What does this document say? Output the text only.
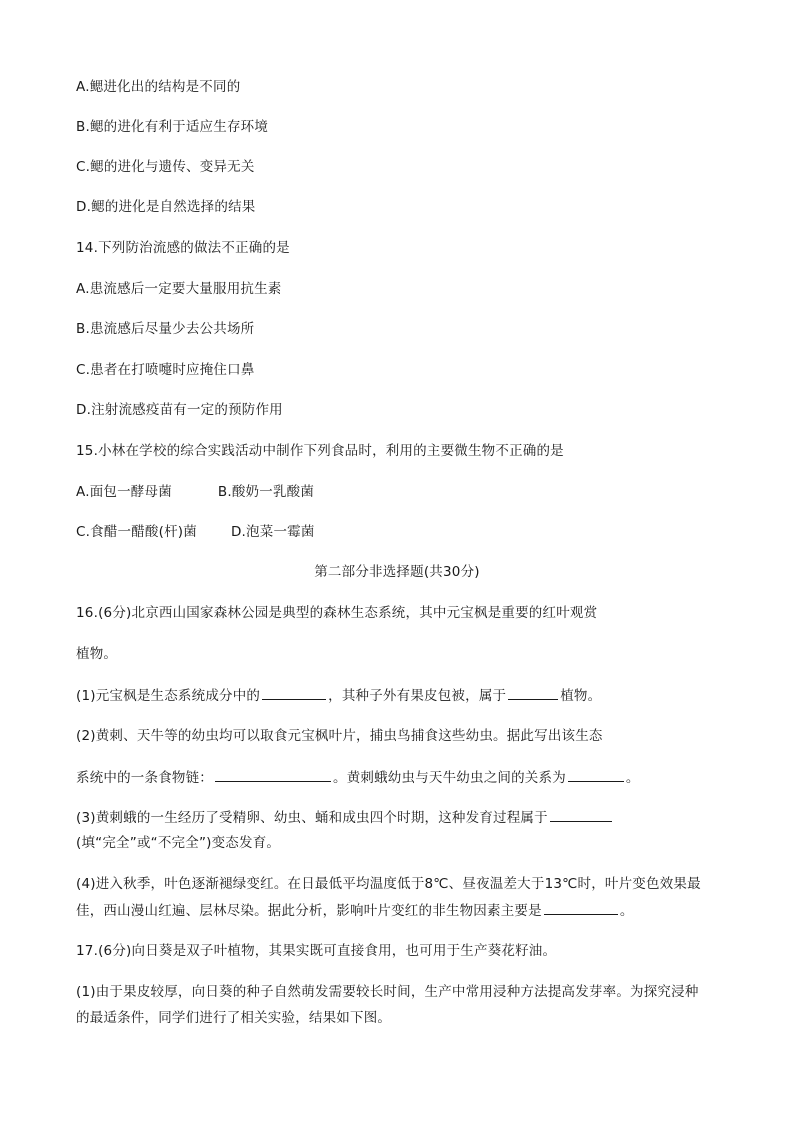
A.鳃进化出的结构是不同的
B.鳃的进化有利于适应生存环境
C.鳃的进化与遗传、变异无关
D.鳃的进化是自然选择的结果
14.下列防治流感的做法不正确的是
A.患流感后一定要大量服用抗生素
B.患流感后尽量少去公共场所
C.患者在打喷嚏时应掩住口鼻
D.注射流感疫苗有一定的预防作用
15.小林在学校的综合实践活动中制作下列食品时，利用的主要微生物不正确的是
A.面包一酵母菌	B.酸奶一乳酸菌
C.食醋一醋酸(杆)菌	D.泡菜一霉菌
第二部分非选择题(共30分)
16.(6分)北京西山国家森林公园是典型的森林生态系统，其中元宝枫是重要的红叶观赏
植物。
(1)元宝枫是生态系统成分中的	，其种子外有果皮包被，属于	植物。
(2)黄刺、天牛等的幼虫均可以取食元宝枫叶片，捕虫鸟捕食这些幼虫。据此写出该生态
系统中的一条食物链：	。黄刺蛾幼虫与天牛幼虫之间的关系为	。
(3)黄刺蛾的一生经历了受精卵、幼虫、蛹和成虫四个时期，这种发育过程属于
(填“完全”或“不完全”)变态发育。
(4)进入秋季，叶色逐渐褪绿变红。在日最低平均温度低于8℃、昼夜温差大于13℃时，叶片变色效果最
佳，西山漫山红遍、层林尽染。据此分析，影响叶片变红的非生物因素主要是	。
17.(6分)向日葵是双子叶植物，其果实既可直接食用，也可用于生产葵花籽油。
(1)由于果皮较厚，向日葵的种子自然萌发需要较长时间，生产中常用浸种方法提高发芽率。为探究浸种
的最适条件，同学们进行了相关实验，结果如下图。
